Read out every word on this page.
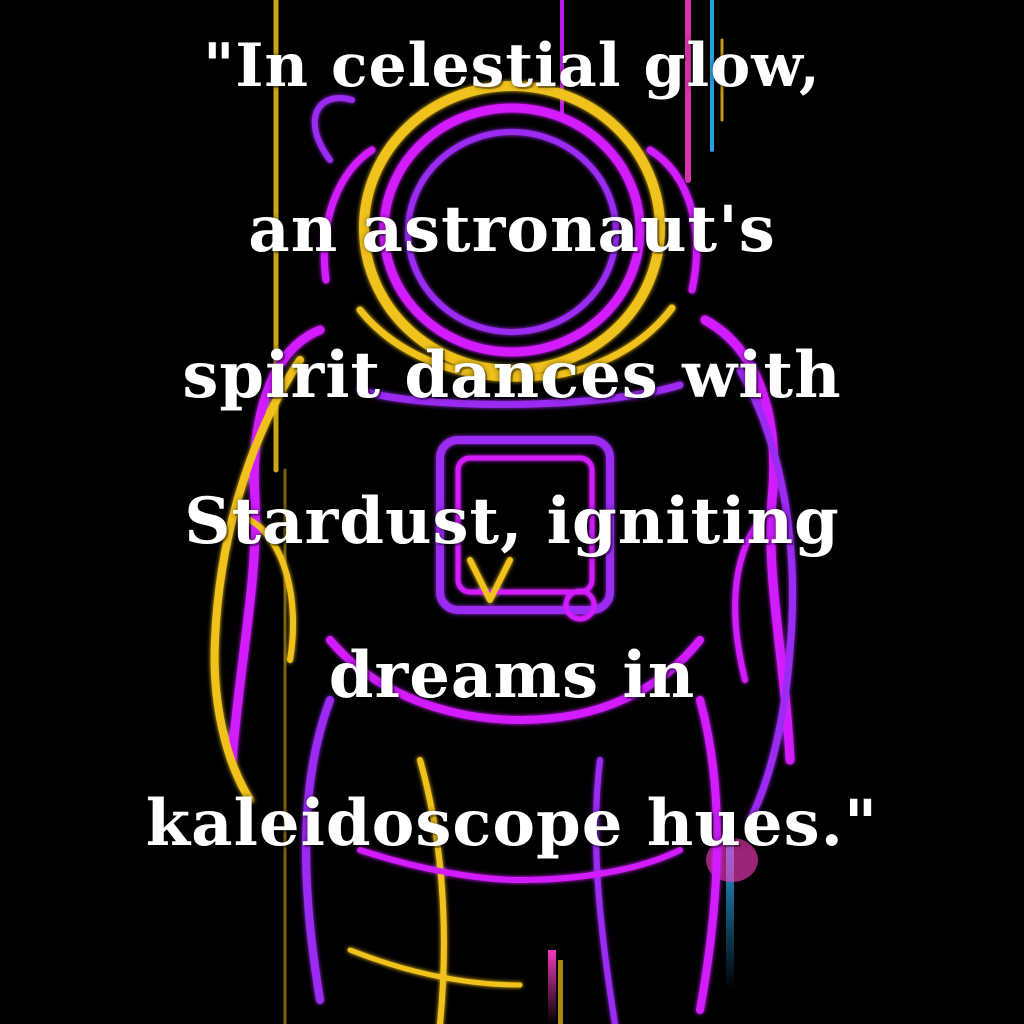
"In celestial glow,
an astronaut's
spirit dances with
Stardust, igniting
dreams in
kaleidoscope hues."
